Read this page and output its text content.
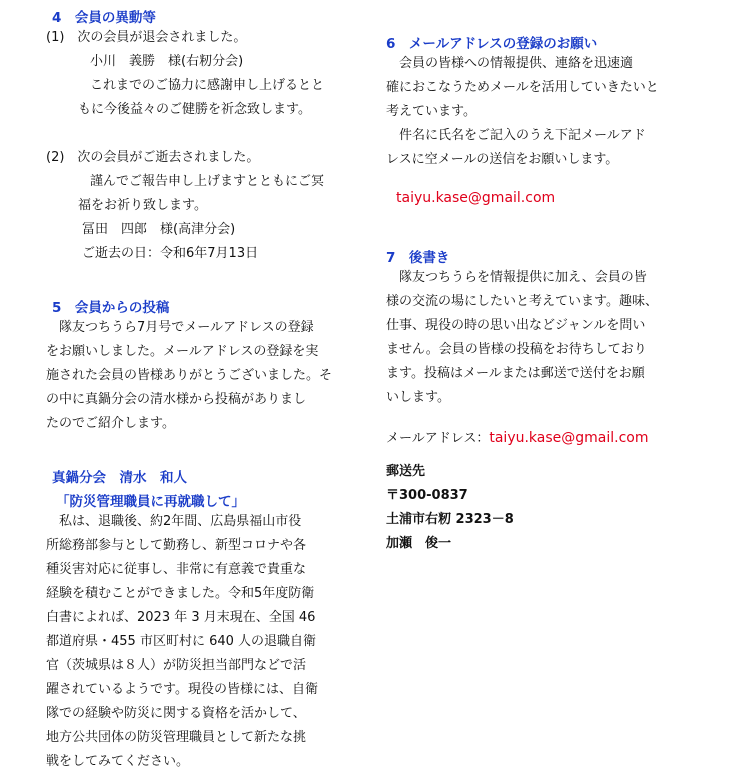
4　会員の異動等
(1)　次の会員が退会されました。
小川　義勝　様(右籾分会)
これまでのご協力に感謝申し上げるとと
もに今後益々のご健勝を祈念致します。
(2)　次の会員がご逝去されました。
謹んでご報告申し上げますとともにご冥
福をお祈り致します。
冨田　四郎　様(高津分会)
ご逝去の日：令和6年7月13日
5　会員からの投稿
　隊友つちうら7月号でメールアドレスの登録
をお願いしました。メールアドレスの登録を実
施された会員の皆様ありがとうございました。そ
の中に真鍋分会の清水様から投稿がありまし
たのでご紹介します。
真鍋分会　清水　和人
「防災管理職員に再就職して」
　私は、退職後、約2年間、広島県福山市役
所総務部参与として勤務し、新型コロナや各
種災害対応に従事し、非常に有意義で貴重な
経験を積むことができました。令和5年度防衛
白書によれば、2023 年 3 月末現在、全国 46
都道府県・455 市区町村に 640 人の退職自衛
官（茨城県は８人）が防災担当部門などで活
躍されているようです。現役の皆様には、自衛
隊での経験や防災に関する資格を活かして、
地方公共団体の防災管理職員として新たな挑
戦をしてみてください。
6　メールアドレスの登録のお願い
　会員の皆様への情報提供、連絡を迅速適
確におこなうためメールを活用していきたいと
考えています。
　件名に氏名をご記入のうえ下記メールアド
レスに空メールの送信をお願いします。
taiyu.kase@gmail.com
7　後書き
　隊友つちうらを情報提供に加え、会員の皆
様の交流の場にしたいと考えています。趣味、
仕事、現役の時の思い出などジャンルを問い
ません。会員の皆様の投稿をお待ちしており
ます。投稿はメールまたは郵送で送付をお願
いします。
メールアドレス：taiyu.kase@gmail.com
郵送先
〒300-0837
土浦市右籾 2323－8
加瀬　俊一
